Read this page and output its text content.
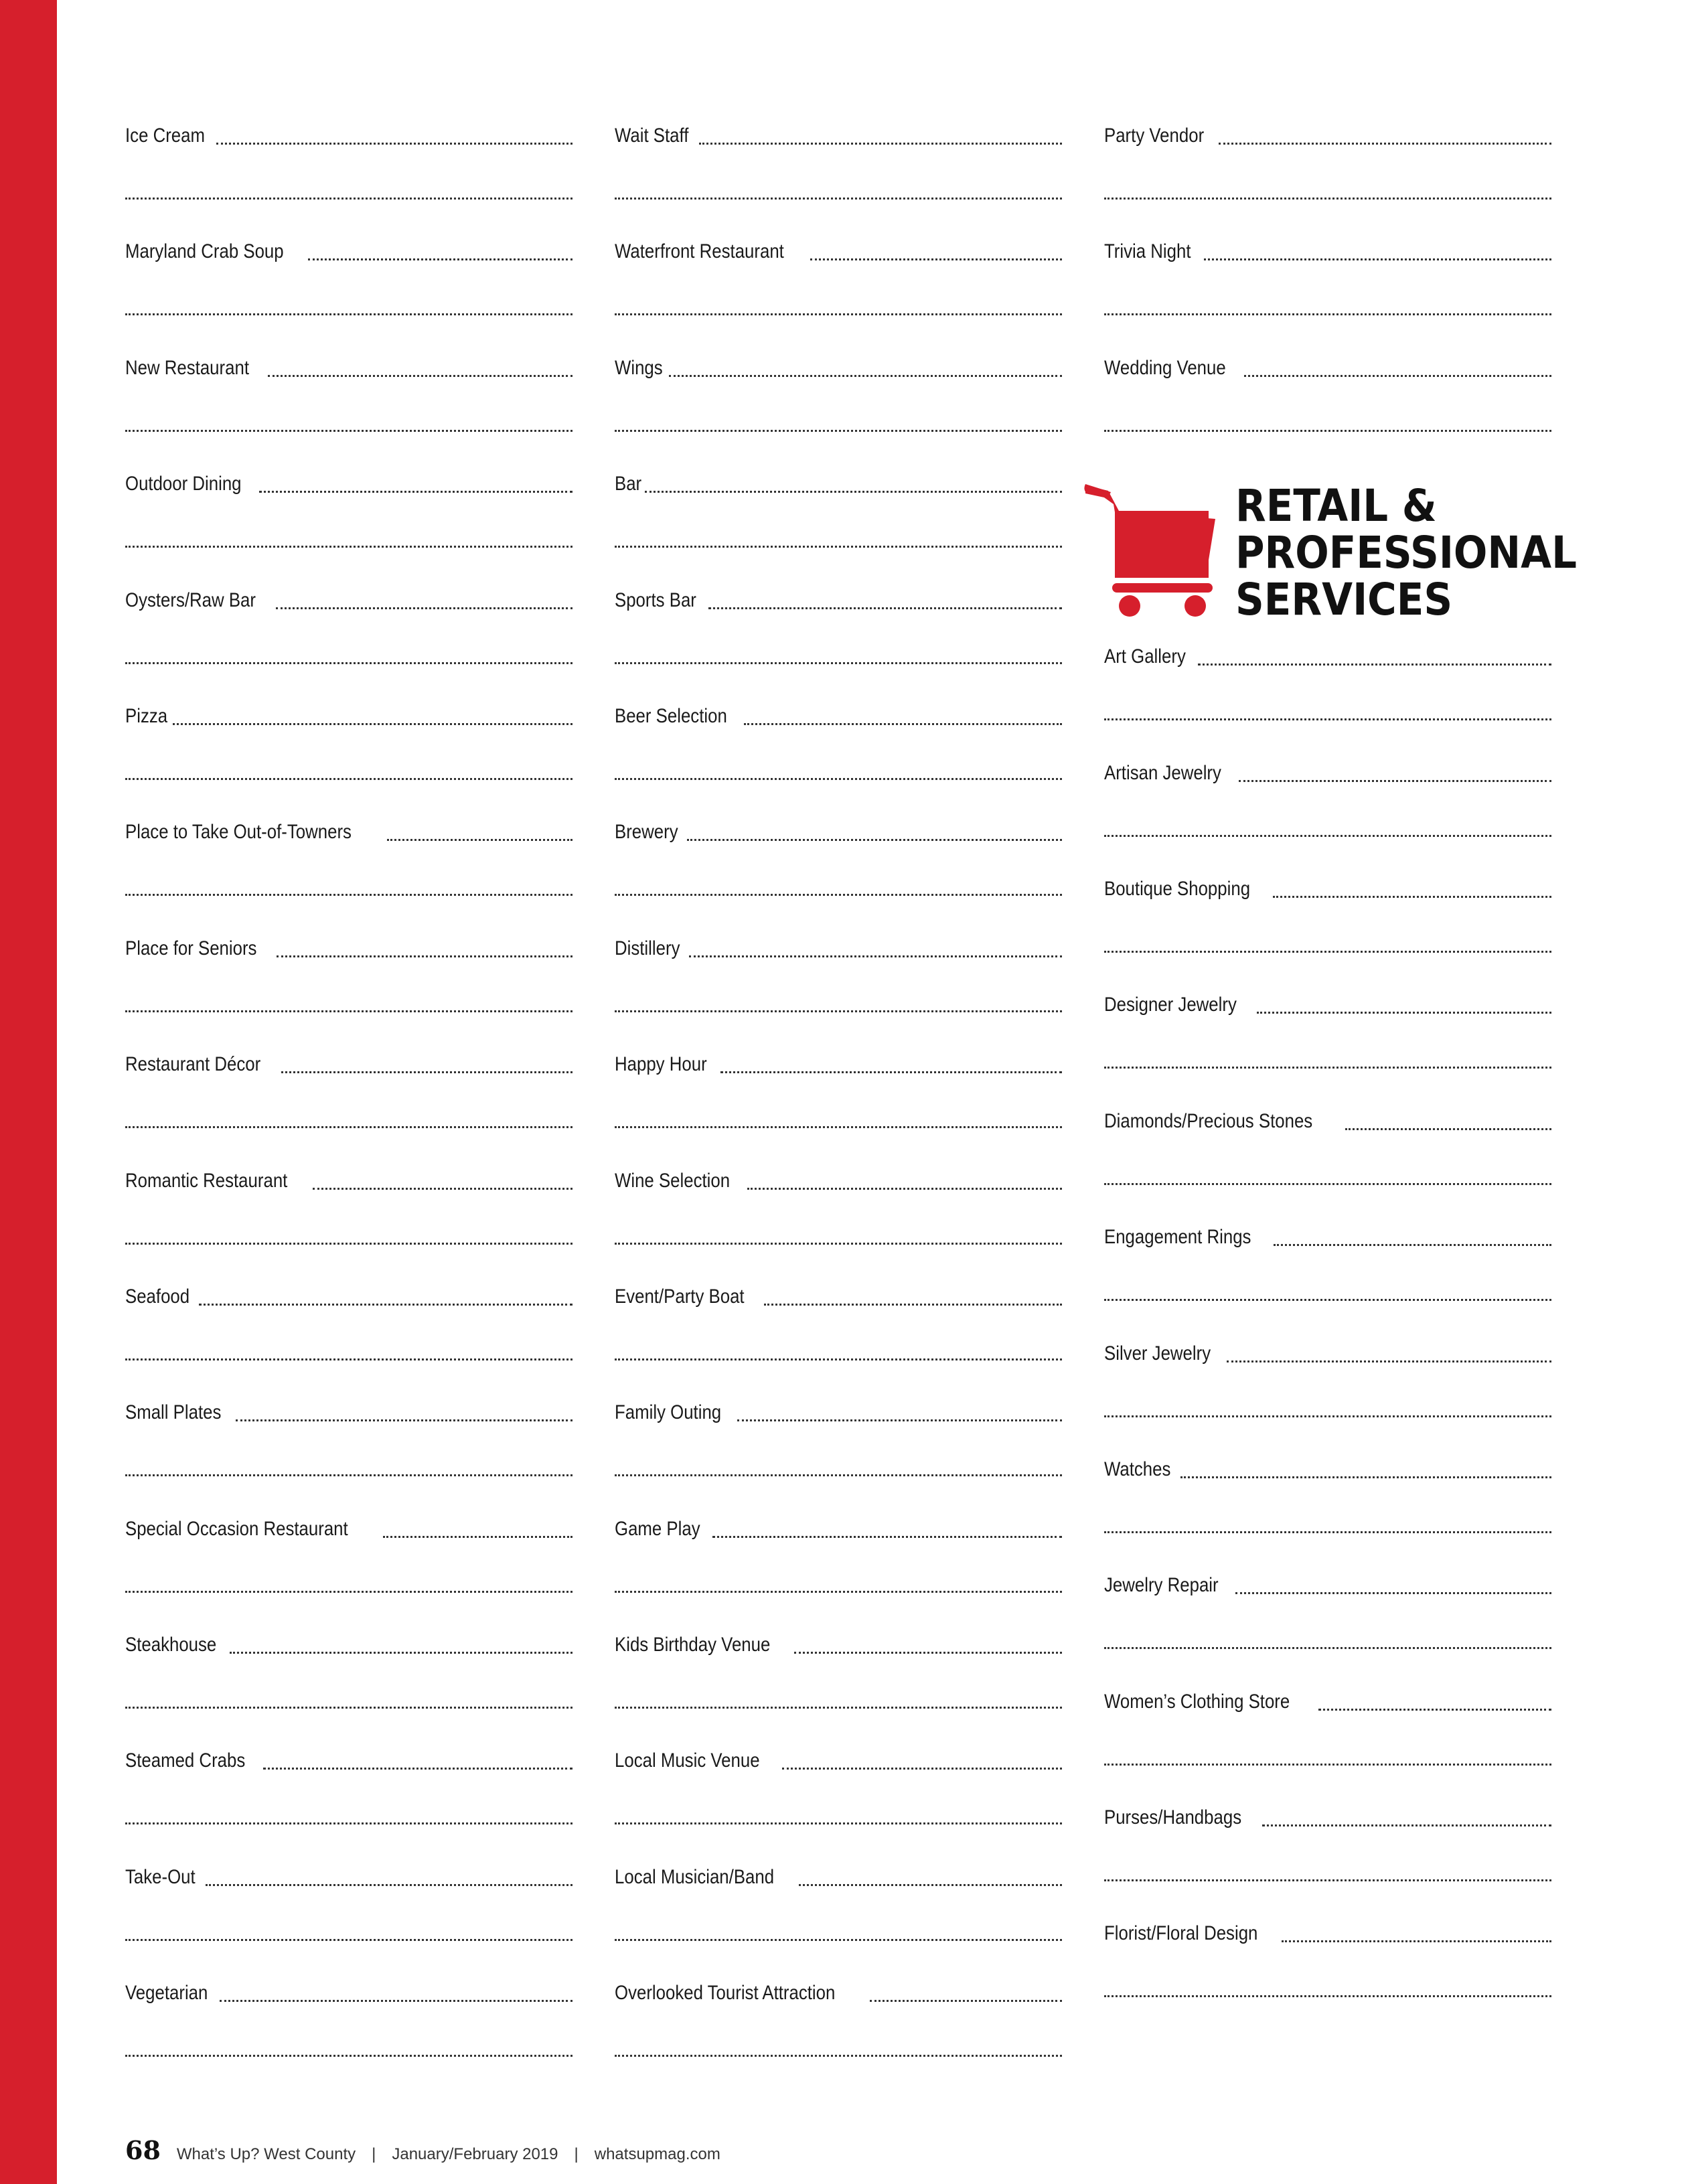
Ice Cream
Maryland Crab Soup
New Restaurant
Outdoor Dining
Oysters/Raw Bar
Pizza
Place to Take Out-of-Towners
Place for Seniors
Restaurant Décor
Romantic Restaurant
Seafood
Small Plates
Special Occasion Restaurant
Steakhouse
Steamed Crabs
Take-Out
Vegetarian
Wait Staff
Waterfront Restaurant
Wings
Bar
Sports Bar
Beer Selection
Brewery
Distillery
Happy Hour
Wine Selection
Event/Party Boat
Family Outing
Game Play
Kids Birthday Venue
Local Music Venue
Local Musician/Band
Overlooked Tourist Attraction
Party Vendor
Trivia Night
Wedding Venue
RETAIL &
PROFESSIONAL
SERVICES
Art Gallery
Artisan Jewelry
Boutique Shopping
Designer Jewelry
Diamonds/Precious Stones
Engagement Rings
Silver Jewelry
Watches
Jewelry Repair
Women’s Clothing Store
Purses/Handbags
Florist/Floral Design
68 What’s Up? West County | January/February 2019 | whatsupmag.com
